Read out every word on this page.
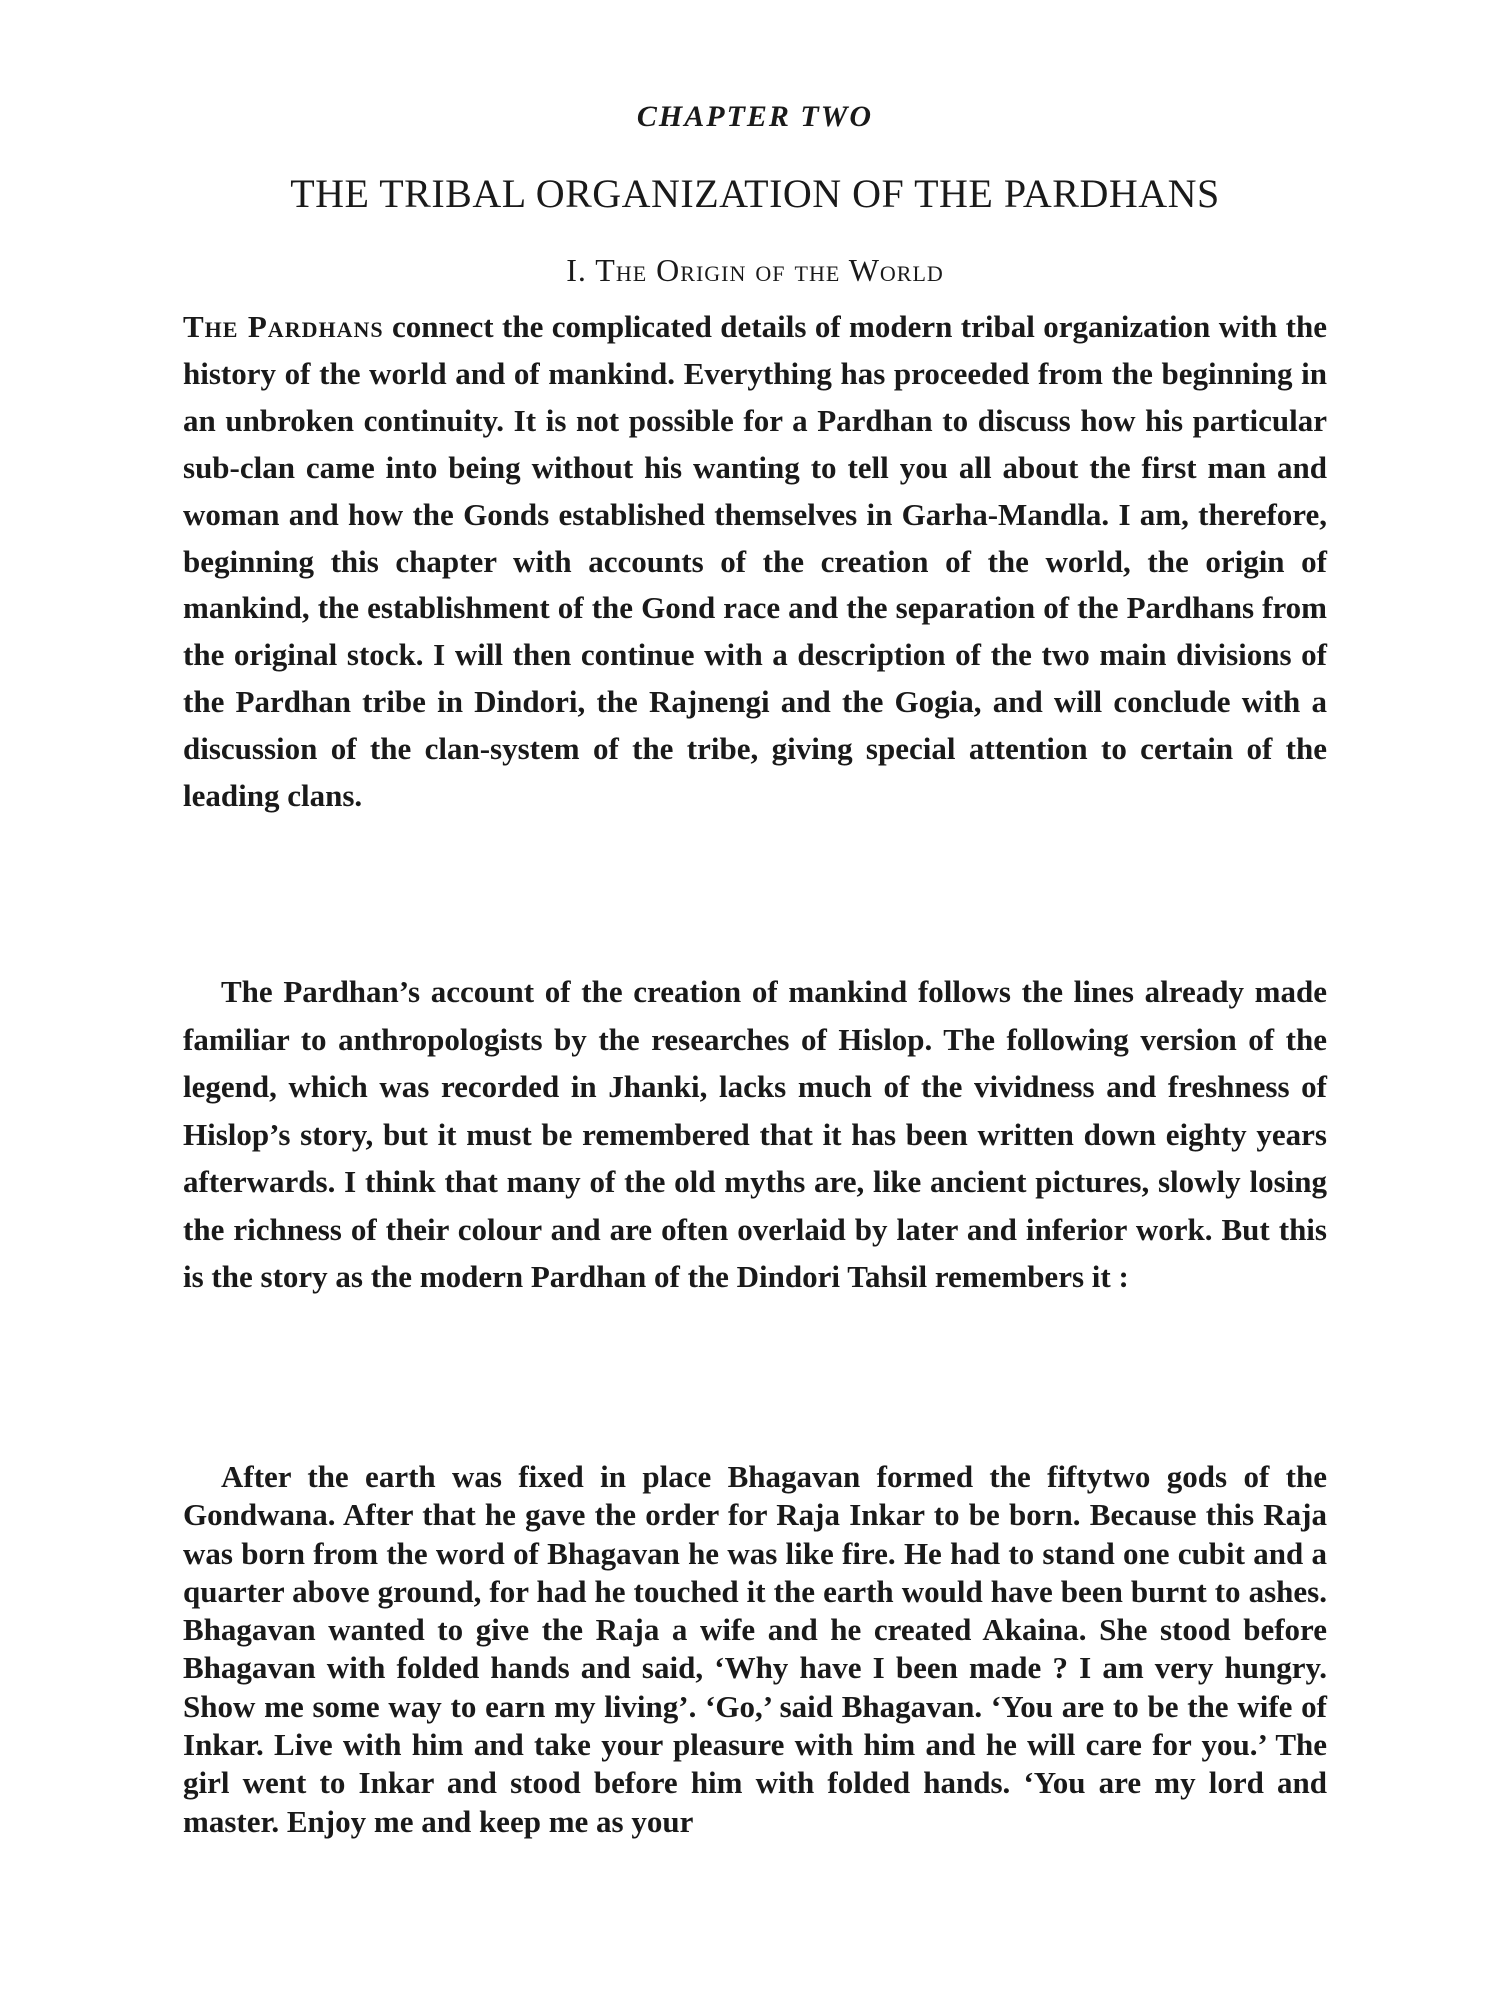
CHAPTER TWO
THE TRIBAL ORGANIZATION OF THE PARDHANS
I. The Origin of the World

The Pardhans connect the complicated details of modern tribal organization with the history of the world and of mankind. Everything has proceeded from the beginning in an unbroken continuity. It is not possible for a Pardhan to discuss how his particular sub-clan came into being without his wanting to tell you all about the first man and woman and how the Gonds established themselves in Garha-Mandla. I am, therefore, beginning this chapter with accounts of the creation of the world, the origin of mankind, the establishment of the Gond race and the separation of the Pardhans from the original stock. I will then continue with a description of the two main divisions of the Pardhan tribe in Dindori, the Rajnengi and the Gogia, and will conclude with a discussion of the clan-system of the tribe, giving special attention to certain of the leading clans.

The Pardhan’s account of the creation of mankind follows the lines already made familiar to anthropologists by the researches of Hislop. The following version of the legend, which was recorded in Jhanki, lacks much of the vividness and freshness of Hislop’s story, but it must be remembered that it has been written down eighty years afterwards. I think that many of the old myths are, like ancient pictures, slowly losing the richness of their colour and are often overlaid by later and inferior work. But this is the story as the modern Pardhan of the Dindori Tahsil remembers it :

After the earth was fixed in place Bhagavan formed the fiftytwo gods of the Gondwana. After that he gave the order for Raja Inkar to be born. Because this Raja was born from the word of Bhagavan he was like fire. He had to stand one cubit and a quarter above ground, for had he touched it the earth would have been burnt to ashes. Bhagavan wanted to give the Raja a wife and he created Akaina. She stood before Bhagavan with folded hands and said, ‘Why have I been made ? I am very hungry. Show me some way to earn my living’. ‘Go,’ said Bhagavan. ‘You are to be the wife of Inkar. Live with him and take your pleasure with him and he will care for you.’ The girl went to Inkar and stood before him with folded hands. ‘You are my lord and master. Enjoy me and keep me as your
